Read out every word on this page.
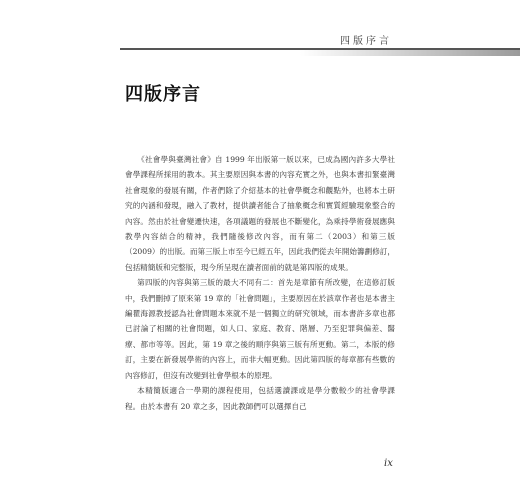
四版序言
四版序言

《社會學與臺灣社會》自 1999 年出版第一版以來，已成為國內許多大學社會學課程所採用的教本。其主要原因與本書的內容充實之外，也與本書扣緊臺灣社會現象的發展有關，作者們除了介紹基本的社會學概念和觀點外，也將本土研究的內涵和發現，融入了教材，提供讀者能合了抽象概念和實質經驗現象整合的內容。然由於社會變遷快速，各項議題的發展也不斷變化，為乘持學術發展應與教學內容結合的精神，我們隨後修改內容，而有第二（2003）和第三版（2009）的出版。而第三版上市至今已經五年，因此我們從去年開始籌劃修訂，包括精簡版和完整版，現今所呈現在讀者面前的就是第四版的成果。

第四版的內容與第三版的最大不同有二：首先是章節有所改變，在這修訂版中，我們刪掉了原來第 19 章的「社會問題」，主要原因在於該章作者也是本書主編瞿海源教授認為社會問題本來就不是一個獨立的研究領域，而本書許多章也都已討論了相關的社會問題，如人口、家庭、教育、階層、乃至犯罪與偏差、醫療、都市等等。因此，第 19 章之後的順序與第三版有所更動。第二，本版的修訂，主要在新發展學術的內容上，而非大幅更動。因此第四版的每章都有些數的內容修訂，但沒有改變到社會學根本的原理。

本精簡版適合一學期的課程使用，包括選讀課或是學分數較少的社會學課程。由於本書有 20 章之多，因此教師們可以選擇自己

ix
